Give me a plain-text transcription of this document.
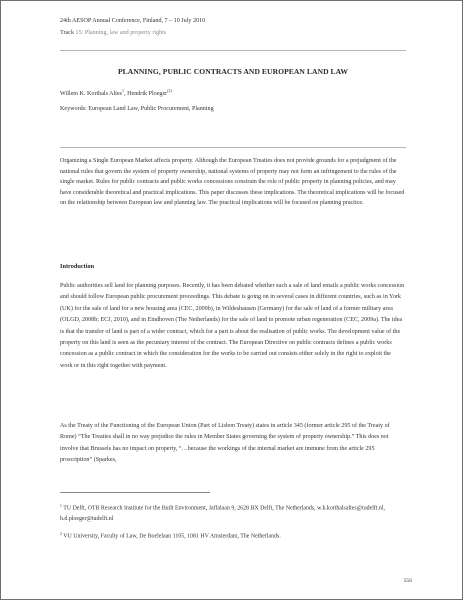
24th AESOP Annual Conference, Finland, 7 – 10 July 2010
Track 15: Planning, law and property rights
PLANNING, PUBLIC CONTRACTS AND EUROPEAN LAND LAW
Willem K. Korthals Altes$^1$, Hendrik Ploeger$^{(2)}$
Keywords: European Land Law, Public Procurement, Planning

Organizing a Single European Market affects property. Although the European Treaties does not provide grounds for a prejudgment of the national rules that govern the system of property ownership, national systems of property may not form an infringement to the rules of the single market. Rules for public contracts and public works concessions constrain the role of public property in planning policies, and may have considerable theoretical and practical implications. This paper discusses these implications. The theoretical implications will be focused on the relationship between European law and planning law. The practical implications will be focused on planning practice.

Introduction

Public authorities sell land for planning purposes. Recently, it has been debated whether such a sale of land entails a public works concession and should follow European public procurement proceedings. This debate is going on in several cases in different countries, such as in York (UK) for the sale of land for a new housing area (CEC, 2009b), in Wildeshausen (Germany) for the sale of land of a former military area (OLGD, 2008b; ECJ, 2010), and in Eindhoven (The Netherlands) for the sale of land to promote urban regeneration (CEC, 2009a). The idea is that the transfer of land is part of a wider contract, which for a part is about the realisation of public works. The development value of the property on this land is seen as the pecuniary interest of the contract. The European Directive on public contracts defines a public works concession as a public contract in which the consideration for the works to be carried out consists either solely in the right to exploit the work or in this right together with payment.

As the Treaty of the Functioning of the European Union (Part of Lisbon Treaty) states in article 345 (former article 295 of the Treaty of Rome) “The Treaties shall in no way prejudice the rules in Member States governing the system of property ownership.” This does not involve that Brussels has no impact on property, “…because the workings of the internal market are immune from the article 295 proscription” (Sparkes,

$^1$ TU Delft, OTB Research Institute for the Built Environment, Jaffalaan 9, 2628 BX Delft, The Netherlands, w.k.korthalsaltes@tudelft.nl, h.d.ploeger@tudelft.nl

$^2$ VU University, Faculty of Law, De Boelelaan 1105, 1081 HV Amsterdam, The Netherlands.

556
